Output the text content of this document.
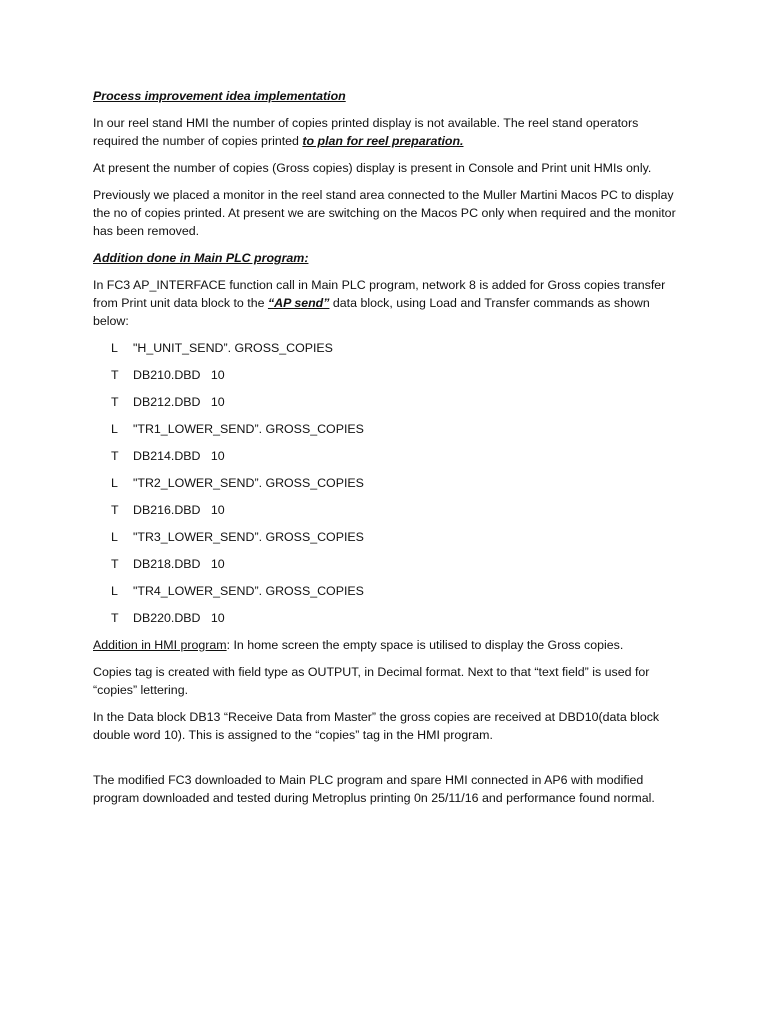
Process improvement idea implementation

In our reel stand HMI the number of copies printed display is not available. The reel stand operators required the number of copies printed to plan for reel preparation.

At present the number of copies (Gross copies) display is present in Console and Print unit HMIs only.

Previously we placed a monitor in the reel stand area connected to the Muller Martini Macos PC to display the no of copies printed. At present we are switching on the Macos PC only when required and the monitor has been removed.

Addition done in Main PLC program:

In FC3 AP_INTERFACE function call in Main PLC program, network 8 is added for Gross copies transfer from Print unit data block to the “AP send” data block, using Load and Transfer commands as shown below:

L	"H_UNIT_SEND”. GROSS_COPIES
T	DB210.DBD   10
T	DB212.DBD   10
L	"TR1_LOWER_SEND”. GROSS_COPIES
T	DB214.DBD   10
L	"TR2_LOWER_SEND”. GROSS_COPIES
T	DB216.DBD   10
L	"TR3_LOWER_SEND”. GROSS_COPIES
T	DB218.DBD   10
L	"TR4_LOWER_SEND”. GROSS_COPIES
T	DB220.DBD   10

Addition in HMI program: In home screen the empty space is utilised to display the Gross copies.

Copies tag is created with field type as OUTPUT, in Decimal format. Next to that “text field” is used for “copies” lettering.

In the Data block DB13 “Receive Data from Master” the gross copies are received at DBD10(data block double word 10). This is assigned to the “copies” tag in the HMI program.

The modified FC3 downloaded to Main PLC program and spare HMI connected in AP6 with modified program downloaded and tested during Metroplus printing 0n 25/11/16 and performance found normal.
